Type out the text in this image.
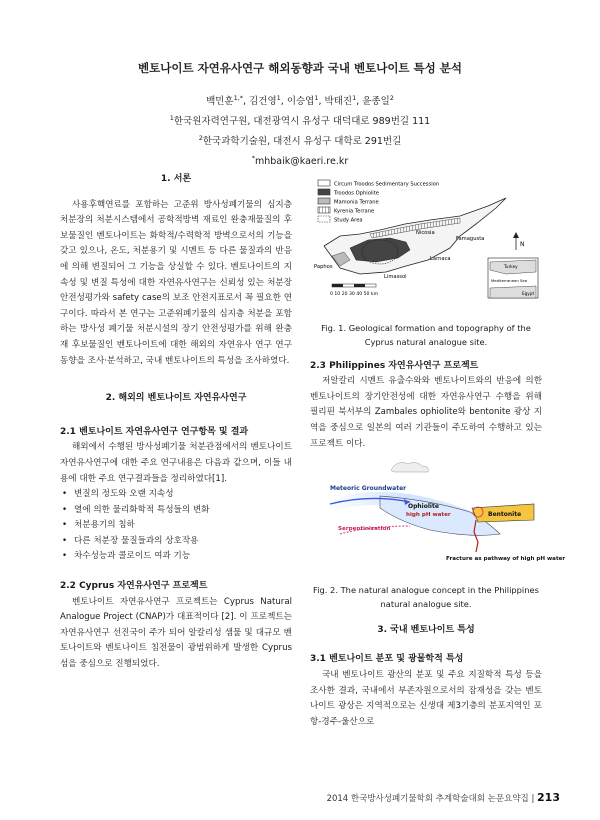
벤토나이트 자연유사연구 해외동향과 국내 벤토나이트 특성 분석
백민훈$^{1,*}$, 김건영$^1$, 이승엽$^1$, 박태진$^1$, 윤종일$^2$
$^1$한국원자력연구원, 대전광역시 유성구 대덕대로 989번길 111
$^2$한국과학기술원, 대전시 유성구 대학로 291번길
*mhbaik@kaeri.re.kr
1. 서론

사용후핵연료를 포함하는 고준위 방사성폐기물의 심지층 처분장의 처분시스템에서 공학적방벽 재료인 완충재물질의 후보물질인 벤토나이트는 화학적/수력학적 방벽으로서의 기능을 갖고 있으나, 온도, 처분용기 및 시멘트 등 다른 물질과의 반응에 의해 변질되어 그 기능을 상실할 수 있다. 벤토나이트의 지속성 및 변질 특성에 대한 자연유사연구는 신뢰성 있는 처분장 안전성평가와 safety case의 보조 안전지표로서 꼭 필요한 연구이다. 따라서 본 연구는 고준위폐기물의 심지층 처분을 포함하는 방사성 폐기물 처분시설의 장기 안전성평가를 위해 완충재 후보물질인 벤토나이트에 대한 해외의 자연유사 연구 연구동향을 조사·분석하고, 국내 벤토나이트의 특성을 조사하였다.

2. 해외의 벤토나이트 자연유사연구
2.1 벤토나이트 자연유사연구 연구항목 및 결과

해외에서 수행된 방사성폐기물 처분관점에서의 벤토나이트 자연유사연구에 대한 주요 연구내용은 다음과 같으며, 이들 내용에 대한 주요 연구결과들을 정리하였다[1].

• 변질의 정도와 오랜 지속성
• 열에 의한 물리화학적 특성들의 변화
• 처분용기의 침하
• 다른 처분장 물질들과의 상호작용
• 차수성능과 콜로이드 여과 기능
2.2 Cyprus 자연유사연구 프로젝트

벤토나이트 자연유사연구 프로젝트는 Cyprus Natural Analogue Project (CNAP)가 대표적이다 [2]. 이 프로젝트는 자연유사연구 선진국이 주가 되어 알칼리성 샘물 및 대규모 벤토나이트와 벤토나이트 침전물이 광범위하게 발생한 Cyprus 섬을 중심으로 진행되었다.

Circum Troodos Sedimentary Succession
Troodos Ophiolite
Mamonia Terrane
Kyrenia Terrane
Study Area
Nicosia
Famagusta
Larnaca
Paphos
Limassol
N
Turkey
Mediterranean Sea
Egypt
0 10 20 30 40 50 km
Fig. 1. Geological formation and topography of the Cyprus natural analogue site.
2.3 Philippines 자연유사연구 프로젝트

저알칼리 시멘트 유출수와와 벤토나이트와의 반응에 의한 벤토나이트의 장기안전성에 대한 자연유사연구 수행을 위해 필리핀 북서부의 Zambales ophiolite와 bentonite 광상 지역을 중심으로 일본의 여러 기관들이 주도하여 수행하고 있는 프로젝트 이다.

Meteoric Groundwater
Ophiolite
high pH water	Bentonite
Serpentinization
Fracture as pathway of high pH water
Fig. 2. The natural analogue concept in the Philippines natural analogue site.
3. 국내 벤토나이트 특성
3.1 벤토나이트 분포 및 광물학적 특성

국내 벤토나이트 광산의 분포 및 주요 지질학적 특성 등을 조사한 결과, 국내에서 부존자원으로서의 잠재성을 갖는 벤토나이트 광상은 지역적으로는 신생대 제3기층의 분포지역인 포항-경주-울산으로

2014 한국방사성폐기물학회 추계학술대회 논문요약집 | 213
